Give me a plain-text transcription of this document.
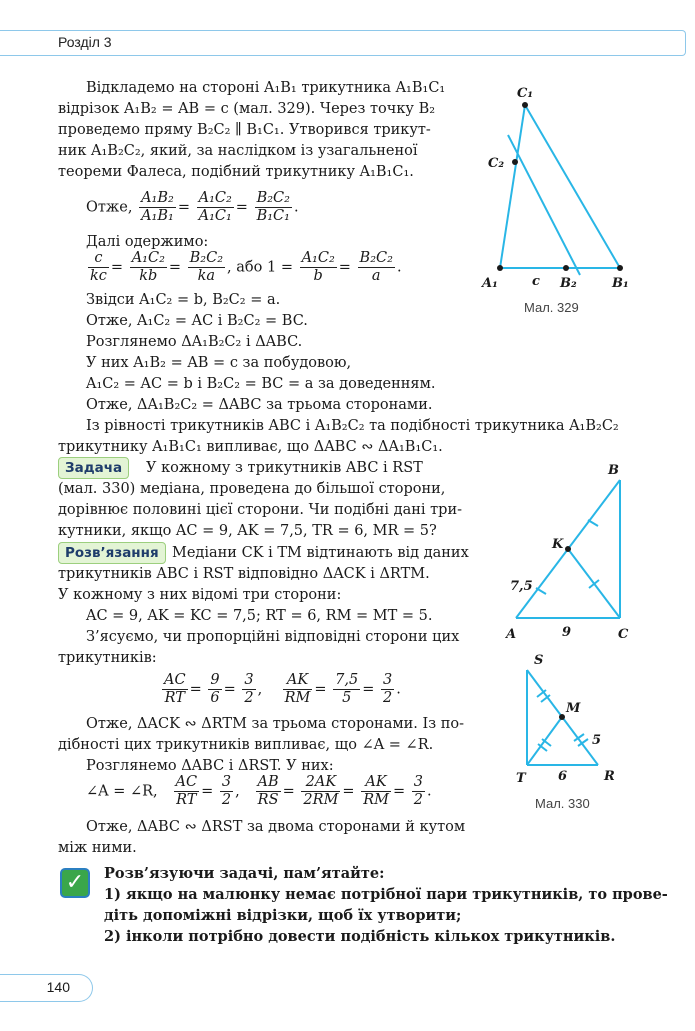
Розділ 3
Відкладемо на стороні A₁B₁ трикутника A₁B₁C₁
відрізок A₁B₂ = AB = c (мал. 329). Через точку B₂
проведемо пряму B₂C₂ ∥ B₁C₁. Утворився трикут-
ник A₁B₂C₂, який, за наслідком із узагальненої
теореми Фалеса, подібний трикутнику A₁B₁C₁.
Отже, $\frac{\text{A₁B₂}}{\text{A₁B₁}} = \frac{\text{A₁C₂}}{\text{A₁C₁}} = \frac{\text{B₂C₂}}{\text{B₁C₁}}$ .
Далі одержимо:
$\frac{c}{kc} = \frac{\text{A₁C₂}}{kb} = \frac{\text{B₂C₂}}{ka}$ , або $1 = \frac{\text{A₁C₂}}{b} = \frac{\text{B₂C₂}}{a}$ .
Звідси A₁C₂ = b, B₂C₂ = a.
Отже, A₁C₂ = AC і B₂C₂ = BC.
Розглянемо ΔA₁B₂C₂ і ΔABC.
У них A₁B₂ = AB = c за побудовою,
A₁C₂ = AC = b і B₂C₂ = BC = a за доведенням.
Отже, ΔA₁B₂C₂ = ΔABC за трьома сторонами.
Із рівності трикутників ABC і A₁B₂C₂ та подібності трикутника A₁B₂C₂
трикутнику A₁B₁C₁ випливає, що ΔABC ∾ ΔA₁B₁C₁.
C₁
C₂
A₁	c B₂	B₁
Мал. 329
Задача	У кожному з трикутників ABC і RST
(мал. 330) медіана, проведена до більшої сторони,
дорівнює половині цієї сторони. Чи подібні дані три-
кутники, якщо AC = 9, AK = 7,5, TR = 6, MR = 5?
Розв’язання Медіани CK і TM відтинають від даних
трикутників ABC і RST відповідно ΔACK і ΔRTM.
У кожному з них відомі три сторони:
AC = 9, AK = KC = 7,5; RT = 6, RM = MT = 5.
З’ясуємо, чи пропорційні відповідні сторони цих
трикутників:
$\frac{AC}{RT} = \frac{9}{6} = \frac{3}{2}$ , $\frac{AK}{RM} = \frac{7,5}{5} = \frac{3}{2}$ .
Отже, ΔACK ∾ ΔRTM за трьома сторонами. Із по-
дібності цих трикутників випливає, що ∠A = ∠R.
Розглянемо ΔABC і ΔRST. У них:
∠A = ∠R, $\frac{AC}{RT} = \frac{3}{2}$ , $\frac{AB}{RS} = \frac{2AK}{2RM} = \frac{AK}{RM} = \frac{3}{2}$ .
Отже, ΔABC ∾ ΔRST за двома сторонами й кутом
між ними.
B
K
7,5
A	9	C
S
M
5
T 6	R
Мал. 330
✓	Розв’язуючи задачі, пам’ятайте:
1) якщо на малюнку немає потрібної пари трикутників, то прове-
діть допоміжні відрізки, щоб їх утворити;
2) інколи потрібно довести подібність кількох трикутників.
140
